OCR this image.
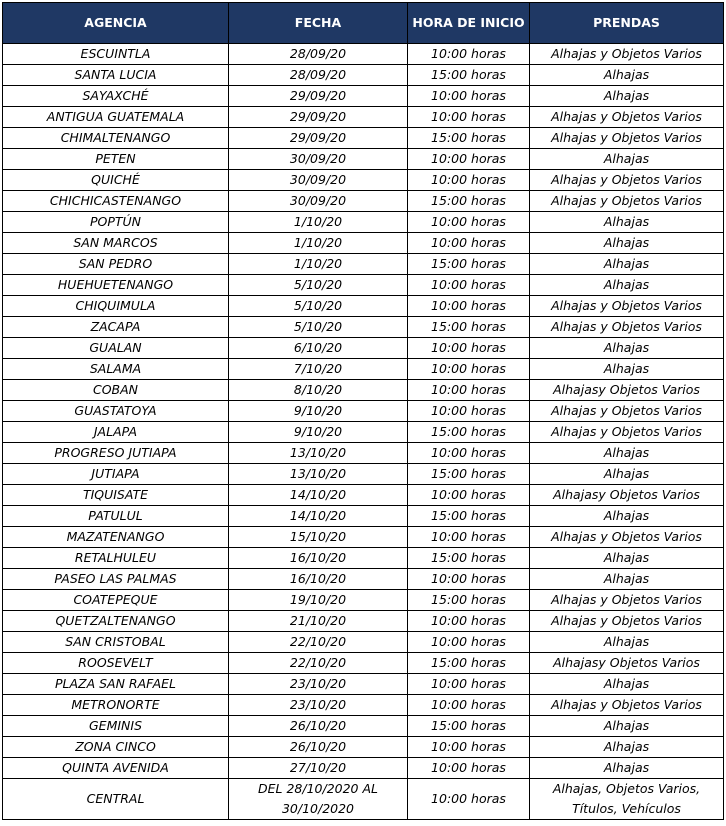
AGENCIA	FECHA	HORA DE INICIO	PRENDAS
ESCUINTLA	28/09/20	10:00 horas	Alhajas y Objetos Varios
SANTA LUCIA	28/09/20	15:00 horas	Alhajas
SAYAXCHÉ	29/09/20	10:00 horas	Alhajas
ANTIGUA GUATEMALA	29/09/20	10:00 horas	Alhajas y Objetos Varios
CHIMALTENANGO	29/09/20	15:00 horas	Alhajas y Objetos Varios
PETEN	30/09/20	10:00 horas	Alhajas
QUICHÉ	30/09/20	10:00 horas	Alhajas y Objetos Varios
CHICHICASTENANGO	30/09/20	15:00 horas	Alhajas y Objetos Varios
POPTÚN	1/10/20	10:00 horas	Alhajas
SAN MARCOS	1/10/20	10:00 horas	Alhajas
SAN PEDRO	1/10/20	15:00 horas	Alhajas
HUEHUETENANGO	5/10/20	10:00 horas	Alhajas
CHIQUIMULA	5/10/20	10:00 horas	Alhajas y Objetos Varios
ZACAPA	5/10/20	15:00 horas	Alhajas y Objetos Varios
GUALAN	6/10/20	10:00 horas	Alhajas
SALAMA	7/10/20	10:00 horas	Alhajas
COBAN	8/10/20	10:00 horas	Alhajasy Objetos Varios
GUASTATOYA	9/10/20	10:00 horas	Alhajas y Objetos Varios
JALAPA	9/10/20	15:00 horas	Alhajas y Objetos Varios
PROGRESO JUTIAPA	13/10/20	10:00 horas	Alhajas
JUTIAPA	13/10/20	15:00 horas	Alhajas
TIQUISATE	14/10/20	10:00 horas	Alhajasy Objetos Varios
PATULUL	14/10/20	15:00 horas	Alhajas
MAZATENANGO	15/10/20	10:00 horas	Alhajas y Objetos Varios
RETALHULEU	16/10/20	15:00 horas	Alhajas
PASEO LAS PALMAS	16/10/20	10:00 horas	Alhajas
COATEPEQUE	19/10/20	15:00 horas	Alhajas y Objetos Varios
QUETZALTENANGO	21/10/20	10:00 horas	Alhajas y Objetos Varios
SAN CRISTOBAL	22/10/20	10:00 horas	Alhajas
ROOSEVELT	22/10/20	15:00 horas	Alhajasy Objetos Varios
PLAZA SAN RAFAEL	23/10/20	10:00 horas	Alhajas
METRONORTE	23/10/20	10:00 horas	Alhajas y Objetos Varios
GEMINIS	26/10/20	15:00 horas	Alhajas
ZONA CINCO	26/10/20	10:00 horas	Alhajas
QUINTA AVENIDA	27/10/20	10:00 horas	Alhajas
CENTRAL	DEL 28/10/2020 AL 30/10/2020	10:00 horas	Alhajas, Objetos Varios, Títulos, Vehículos
